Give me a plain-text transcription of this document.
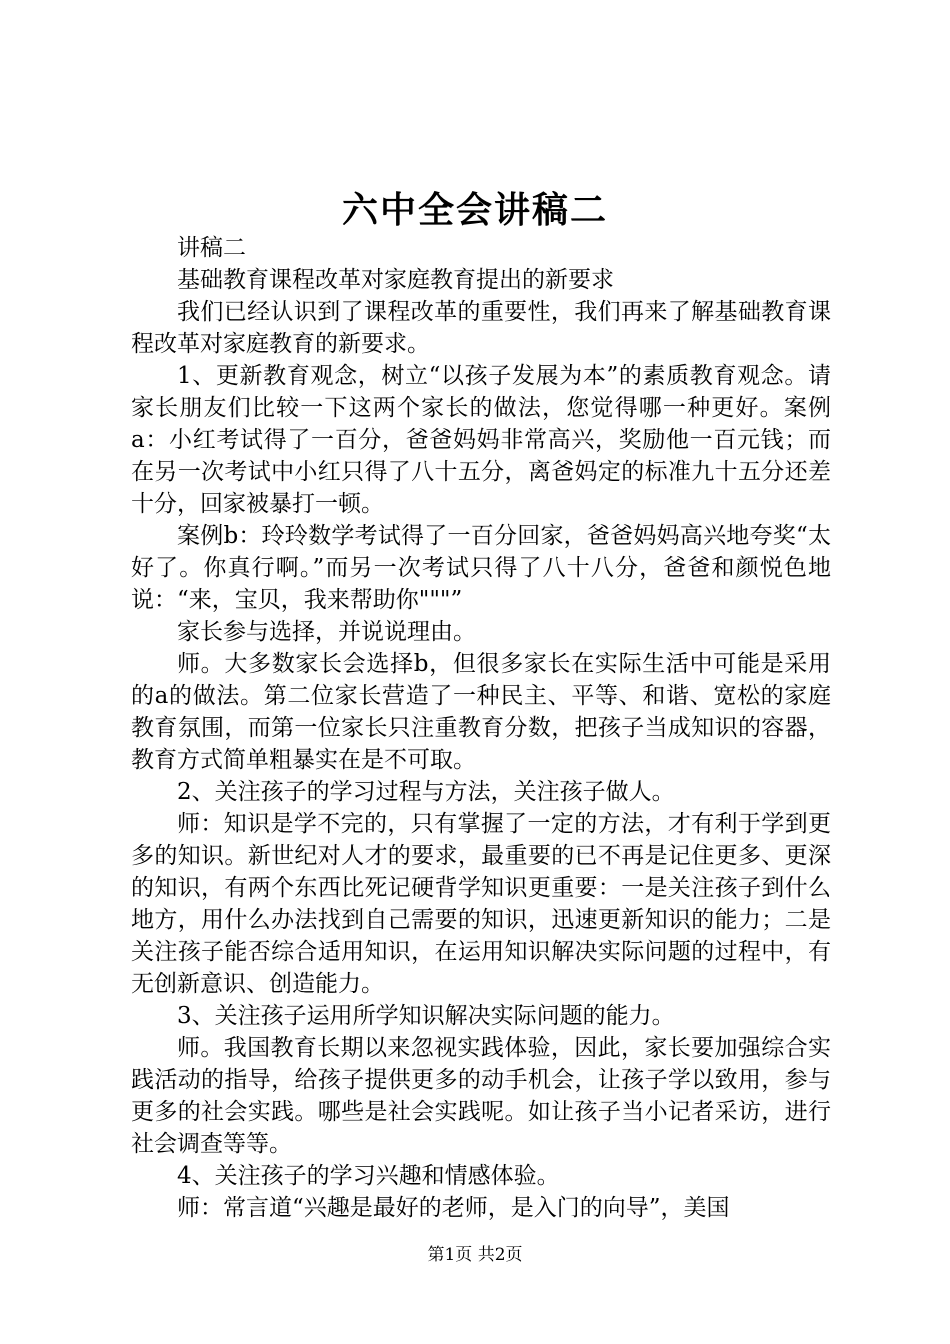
六中全会讲稿二

讲稿二

基础教育课程改革对家庭教育提出的新要求

我们已经认识到了课程改革的重要性，我们再来了解基础教育课程改革对家庭教育的新要求。

1、更新教育观念，树立“以孩子发展为本”的素质教育观念。请家长朋友们比较一下这两个家长的做法，您觉得哪一种更好。案例a：小红考试得了一百分，爸爸妈妈非常高兴，奖励他一百元钱；而在另一次考试中小红只得了八十五分，离爸妈定的标准九十五分还差十分，回家被暴打一顿。

案例b：玲玲数学考试得了一百分回家，爸爸妈妈高兴地夸奖“太好了。你真行啊。”而另一次考试只得了八十八分，爸爸和颜悦色地说：“来，宝贝，我来帮助你"""”

家长参与选择，并说说理由。

师。大多数家长会选择b，但很多家长在实际生活中可能是采用的a的做法。第二位家长营造了一种民主、平等、和谐、宽松的家庭教育氛围，而第一位家长只注重教育分数，把孩子当成知识的容器，教育方式简单粗暴实在是不可取。

2、关注孩子的学习过程与方法，关注孩子做人。

师：知识是学不完的，只有掌握了一定的方法，才有利于学到更多的知识。新世纪对人才的要求，最重要的已不再是记住更多、更深的知识，有两个东西比死记硬背学知识更重要：一是关注孩子到什么地方，用什么办法找到自己需要的知识，迅速更新知识的能力；二是关注孩子能否综合适用知识，在运用知识解决实际问题的过程中，有无创新意识、创造能力。

3、关注孩子运用所学知识解决实际问题的能力。

师。我国教育长期以来忽视实践体验，因此，家长要加强综合实践活动的指导，给孩子提供更多的动手机会，让孩子学以致用，参与更多的社会实践。哪些是社会实践呢。如让孩子当小记者采访，进行社会调查等等。

4、关注孩子的学习兴趣和情感体验。

师：常言道“兴趣是最好的老师，是入门的向导”，美国

第1页 共2页
